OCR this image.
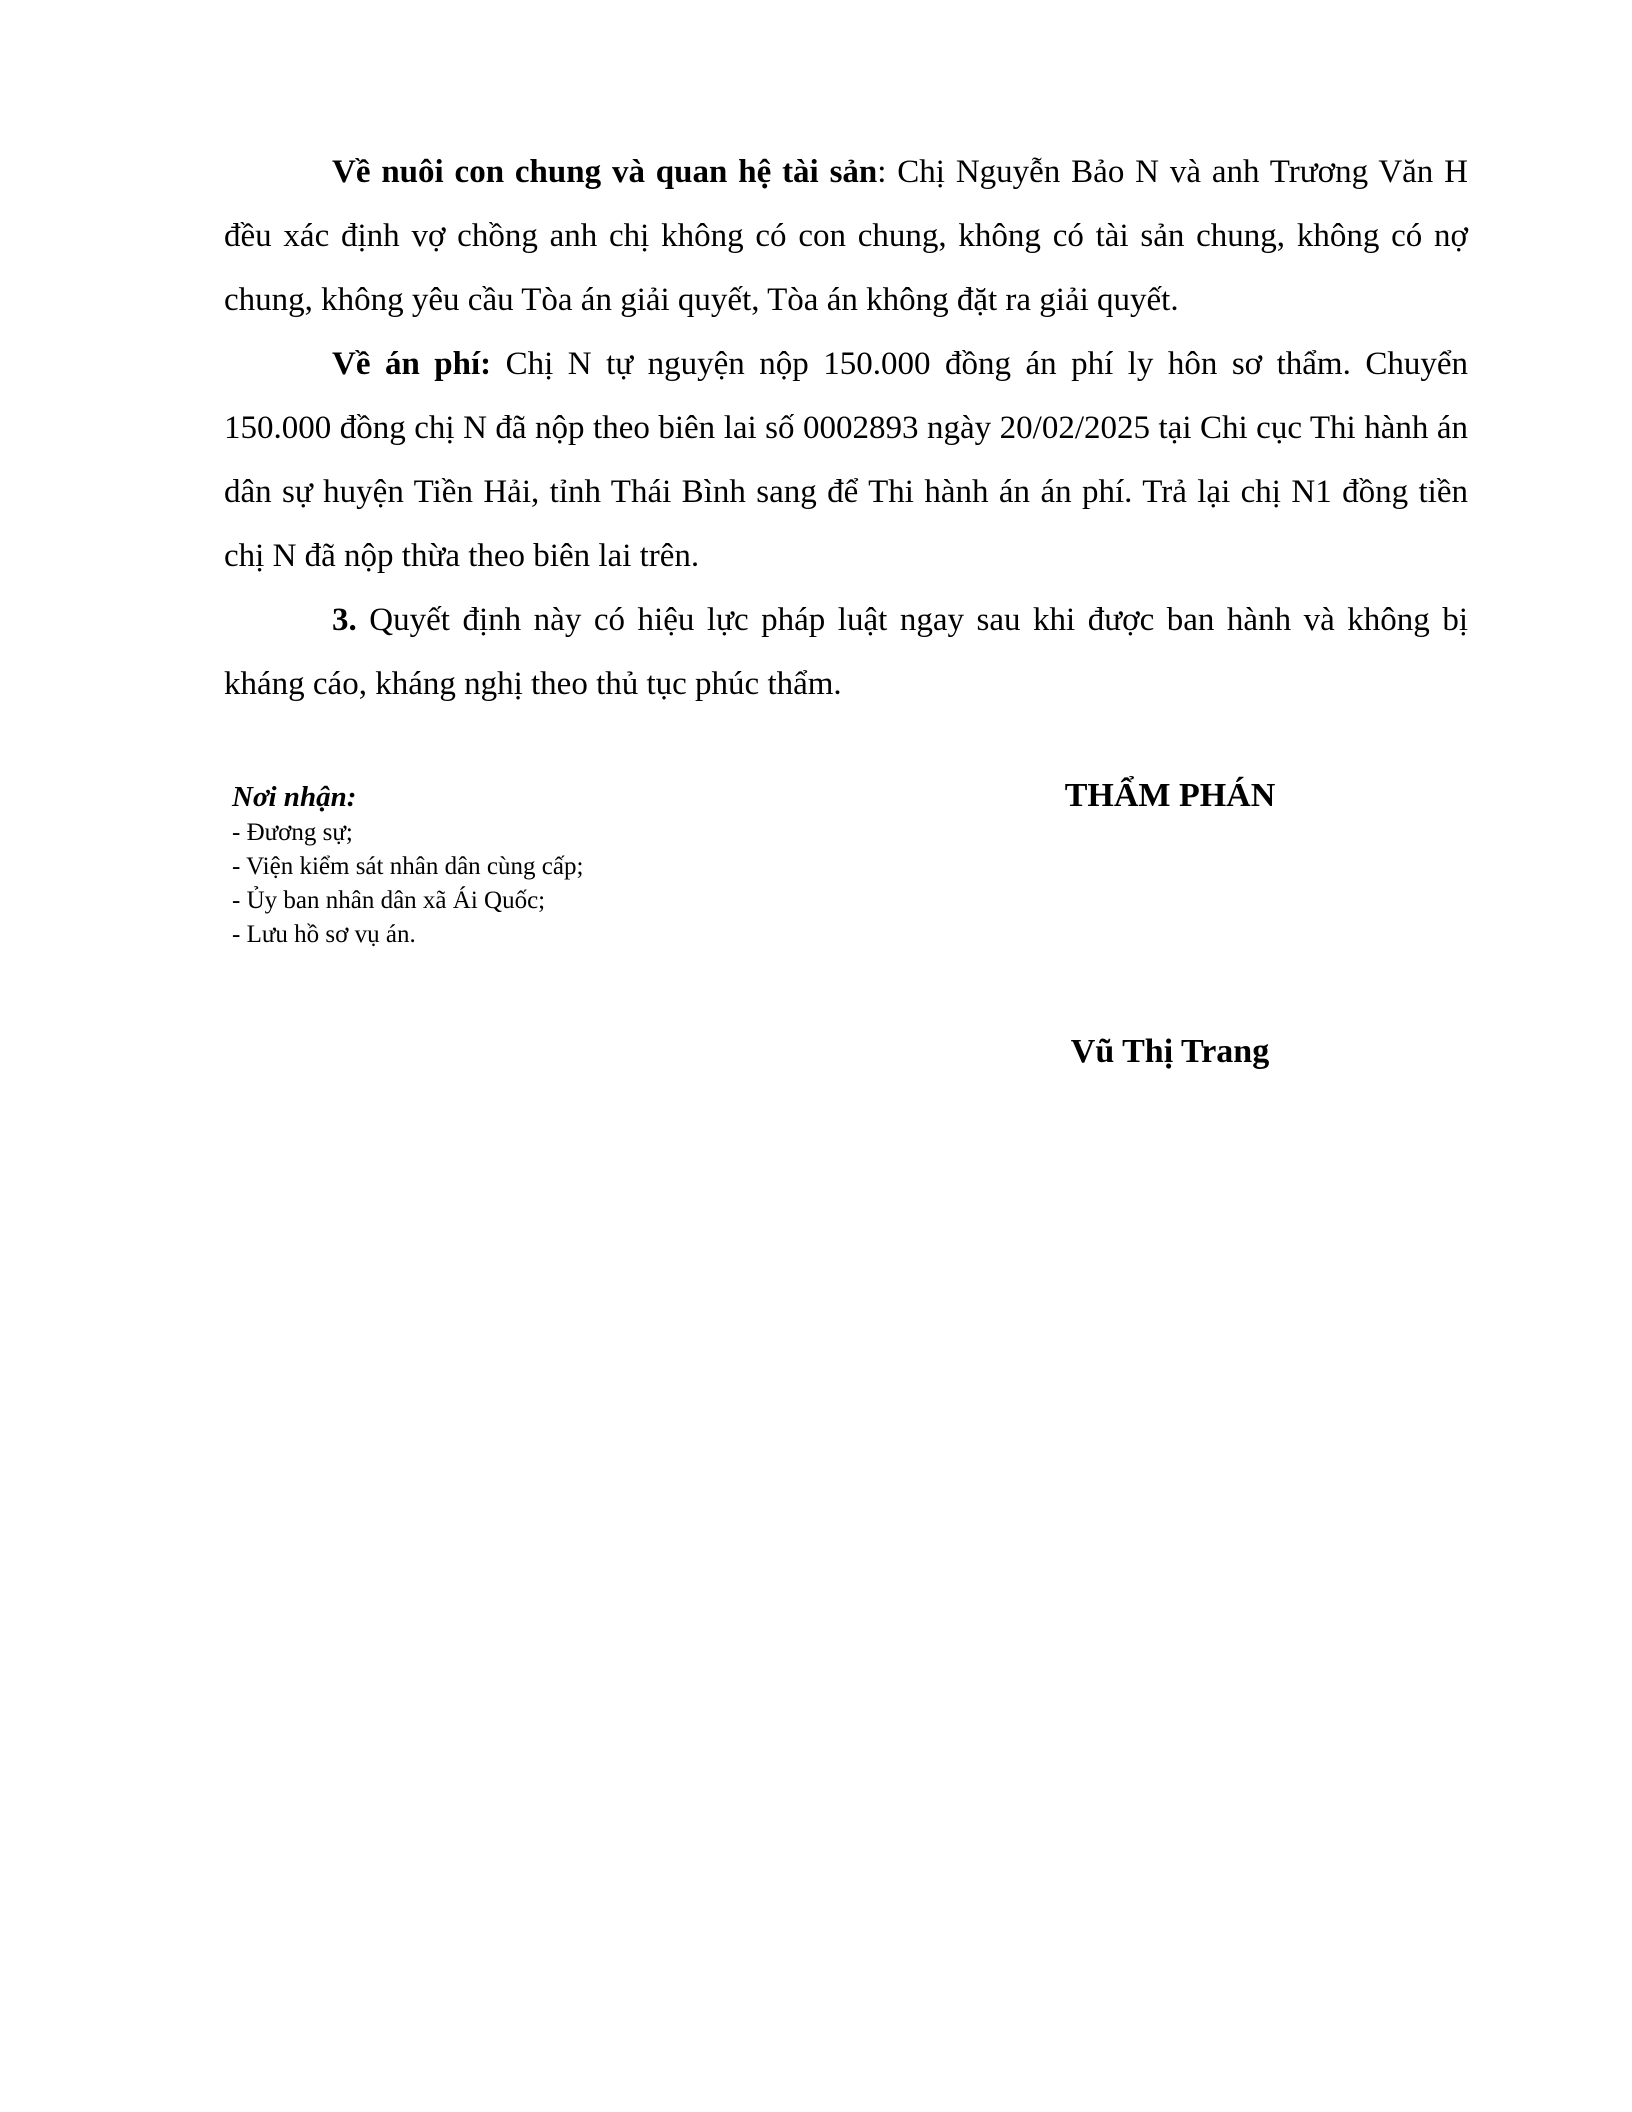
Về nuôi con chung và quan hệ tài sản: Chị Nguyễn Bảo N và anh Trương Văn H đều xác định vợ chồng anh chị không có con chung, không có tài sản chung, không có nợ chung, không yêu cầu Tòa án giải quyết, Tòa án không đặt ra giải quyết.

Về án phí: Chị N tự nguyện nộp 150.000 đồng án phí ly hôn sơ thẩm. Chuyển 150.000 đồng chị N đã nộp theo biên lai số 0002893 ngày 20/02/2025 tại Chi cục Thi hành án dân sự huyện Tiền Hải, tỉnh Thái Bình sang để Thi hành án án phí. Trả lại chị N1 đồng tiền chị N đã nộp thừa theo biên lai trên.

3. Quyết định này có hiệu lực pháp luật ngay sau khi được ban hành và không bị kháng cáo, kháng nghị theo thủ tục phúc thẩm.

Nơi nhận:

- Đương sự;
- Viện kiểm sát nhân dân cùng cấp;
- Ủy ban nhân dân xã Ái Quốc;
- Lưu hồ sơ vụ án.
THẨM PHÁN
Vũ Thị Trang
